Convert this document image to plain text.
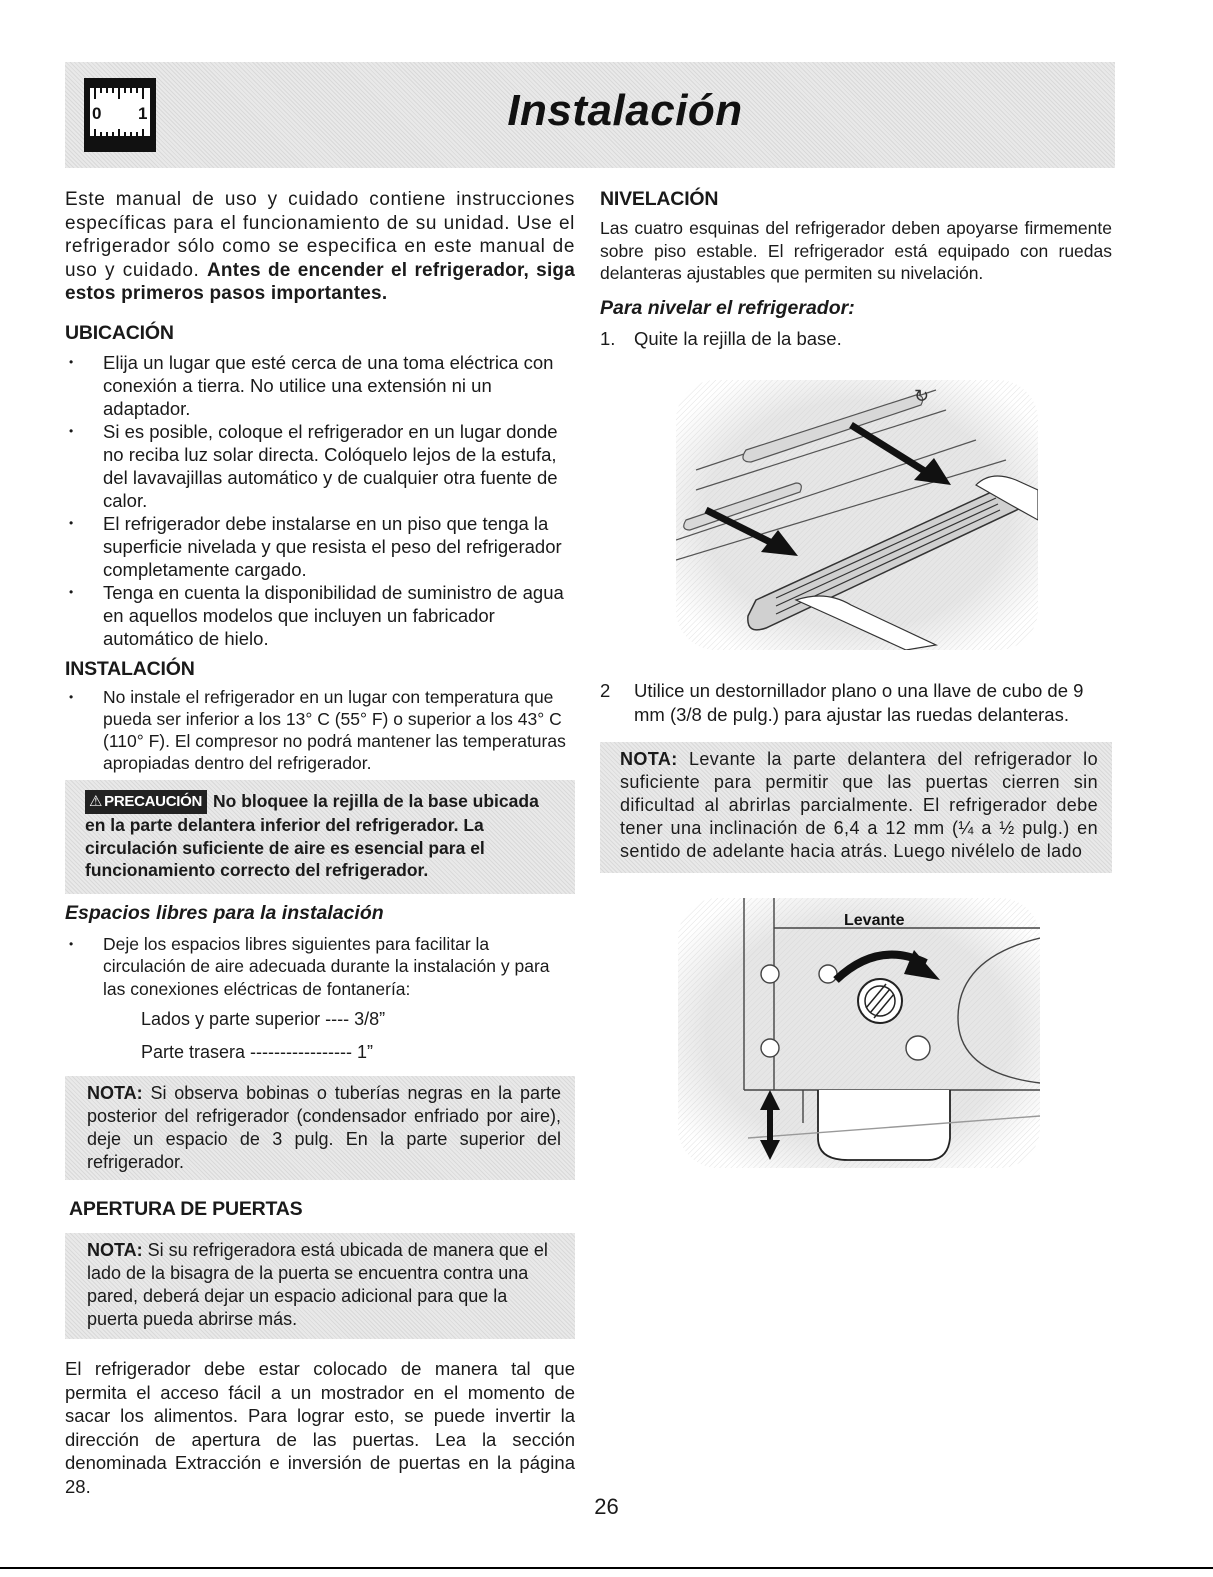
0 1	Instalación

Este manual de uso y cuidado contiene instrucciones específicas para el funcionamiento de su unidad. Use el refrigerador sólo como se especifica en este manual de uso y cuidado. Antes de encender el refrigerador, siga estos primeros pasos importantes.

UBICACIÓN
• Elija un lugar que esté cerca de una toma eléctrica con conexión a tierra. No utilice una extensión ni un adaptador.
• Si es posible, coloque el refrigerador en un lugar donde no reciba luz solar directa. Colóquelo lejos de la estufa, del lavavajillas automático y de cualquier otra fuente de calor.
• El refrigerador debe instalarse en un piso que tenga la superficie nivelada y que resista el peso del refrigerador completamente cargado.
• Tenga en cuenta la disponibilidad de suministro de agua en aquellos modelos que incluyen un fabricador automático de hielo.
INSTALACIÓN
• No instale el refrigerador en un lugar con temperatura que pueda ser inferior a los 13° C (55° F) o superior a los 43° C (110° F). El compresor no podrá mantener las temperaturas apropiadas dentro del refrigerador.
⚠ PRECAUCIÓN No bloquee la rejilla de la base ubicada en la parte delantera inferior del refrigerador. La circulación suficiente de aire es esencial para el funcionamiento correcto del refrigerador.
Espacios libres para la instalación
• Deje los espacios libres siguientes para facilitar la circulación de aire adecuada durante la instalación y para las conexiones eléctricas de fontanería:
Lados y parte superior ---- 3/8”
Parte trasera ----------------- 1”
NOTA: Si observa bobinas o tuberías negras en la parte posterior del refrigerador (condensador enfriado por aire), deje un espacio de 3 pulg. En la parte superior del refrigerador.
APERTURA DE PUERTAS
NOTA: Si su refrigeradora está ubicada de manera que el lado de la bisagra de la puerta se encuentra contra una pared, deberá dejar un espacio adicional para que la puerta pueda abrirse más.

El refrigerador debe estar colocado de manera tal que permita el acceso fácil a un mostrador en el momento de sacar los alimentos. Para lograr esto, se puede invertir la dirección de apertura de las puertas. Lea la sección denominada Extracción e inversión de puertas en la página 28.

NIVELACIÓN

Las cuatro esquinas del refrigerador deben apoyarse firmemente sobre piso estable. El refrigerador está equipado con ruedas delanteras ajustables que permiten su nivelación.

Para nivelar el refrigerador:
1. Quite la rejilla de la base.
↻
2 Utilice un destornillador plano o una llave de cubo de 9 mm (3/8 de pulg.) para ajustar las ruedas delanteras.
NOTA: Levante la parte delantera del refrigerador lo suficiente para permitir que las puertas cierren sin dificultad al abrirlas parcialmente. El refrigerador debe tener una inclinación de 6,4 a 12 mm (¼ a ½ pulg.) en sentido de adelante hacia atrás. Luego nivélelo de lado
Levante
26
